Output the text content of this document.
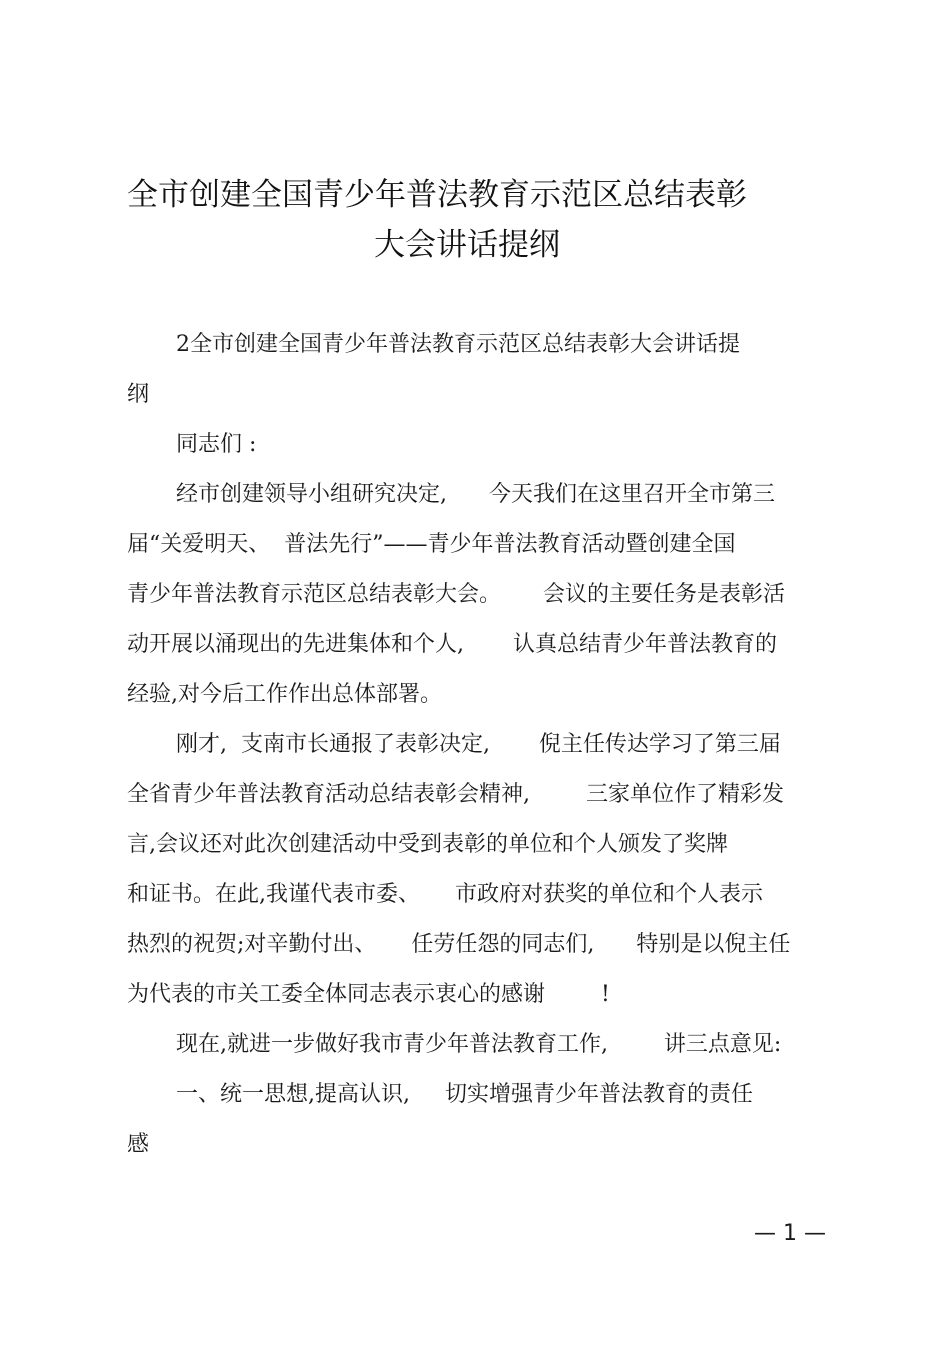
全市创建全国青少年普法教育示范区总结表彰
大会讲话提纲

2全市创建全国青少年普法教育示范区总结表彰大会讲话提

纲

同志们 :

经市创建领导小组研究决定,      今天我们在这里召开全市第三

届“关爱明天、  普法先行”——青少年普法教育活动暨创建全国

青少年普法教育示范区总结表彰大会。      会议的主要任务是表彰活

动开展以涌现出的先进集体和个人,       认真总结青少年普法教育的

经验,对今后工作作出总体部署。

刚才,  支南市长通报了表彰决定,       倪主任传达学习了第三届

全省青少年普法教育活动总结表彰会精神,        三家单位作了精彩发

言,会议还对此次创建活动中受到表彰的单位和个人颁发了奖牌

和证书。在此,我谨代表市委、     市政府对获奖的单位和个人表示

热烈的祝贺;对辛勤付出、     任劳任怨的同志们,      特别是以倪主任

为代表的市关工委全体同志表示衷心的感谢        !

现在,就进一步做好我市青少年普法教育工作,        讲三点意见:

一、统一思想,提高认识,     切实增强青少年普法教育的责任

感

— 1 —
